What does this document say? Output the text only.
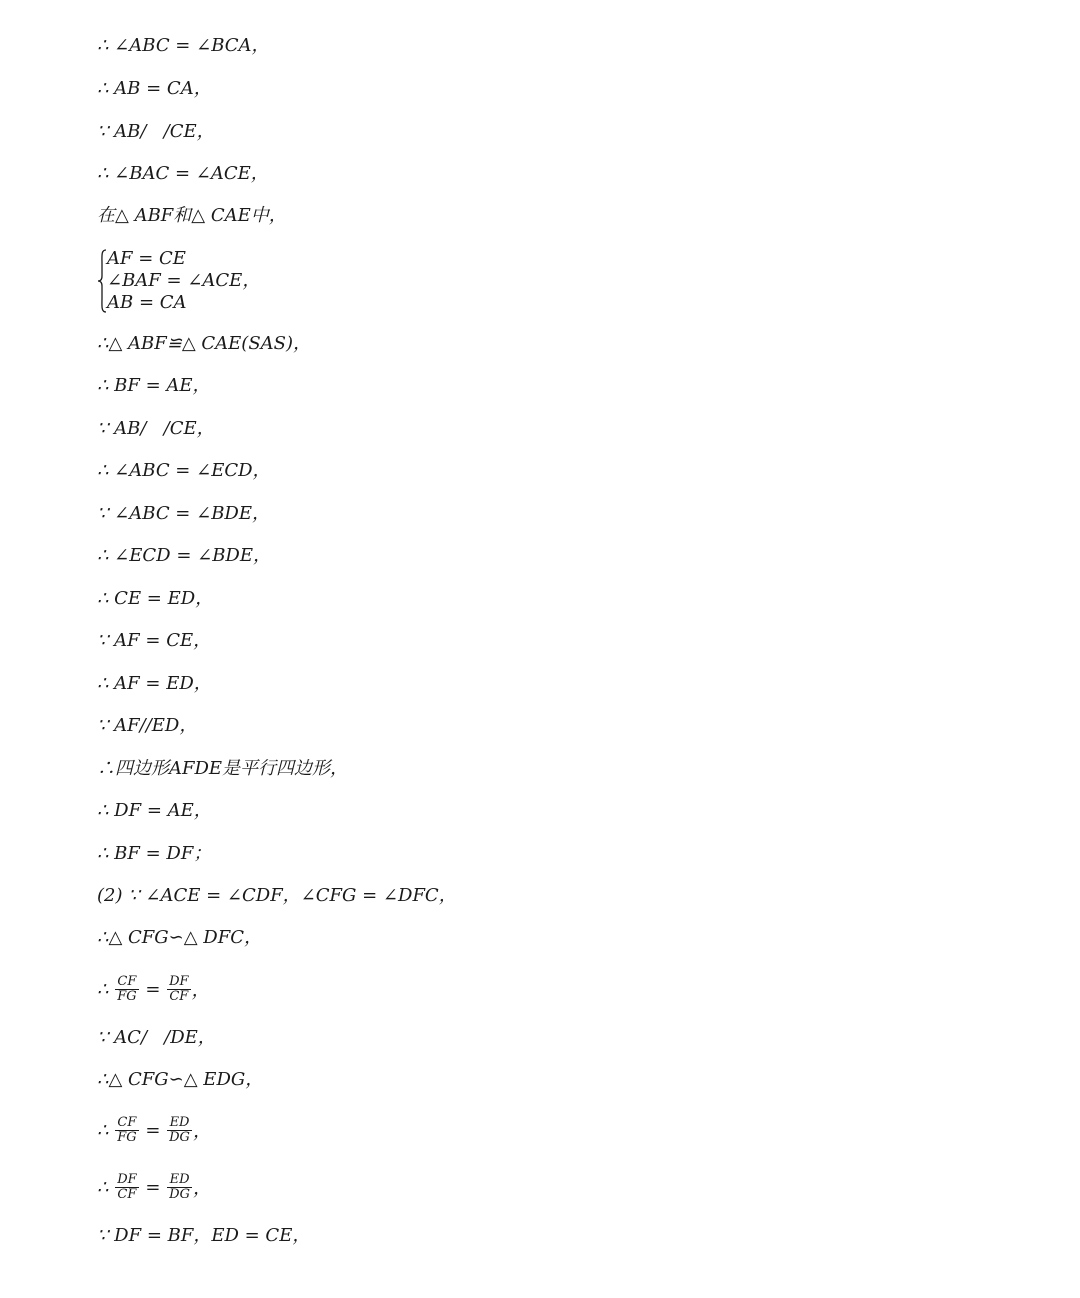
∴ ∠ABC = ∠BCA，
∴ AB = CA，
∵ AB/   /CE，
∴ ∠BAC = ∠ACE，
在△ ABF和△ CAE中，
AF = CE
∠BAF = ∠ACE，
AB = CA
∴△ ABF≌△ CAE(SAS)，
∴ BF = AE，
∵ AB/   /CE，
∴ ∠ABC = ∠ECD，
∵ ∠ABC = ∠BDE，
∴ ∠ECD = ∠BDE，
∴ CE = ED，
∵ AF = CE，
∴ AF = ED，
∵ AF//ED，
∴四边形AFDE是平行四边形，
∴ DF = AE，
∴ BF = DF；
(2) ∵ ∠ACE = ∠CDF，∠CFG = ∠DFC，
∴△ CFG∽△ DFC，
∴ $\frac{CF}{FG} = \frac{DF}{CF}$ ，
∵ AC/   /DE，
∴△ CFG∽△ EDG，
∴ $\frac{CF}{FG} = \frac{ED}{DG}$ ，
∴ $\frac{DF}{CF} = \frac{ED}{DG}$ ，
∵ DF = BF，ED = CE，
